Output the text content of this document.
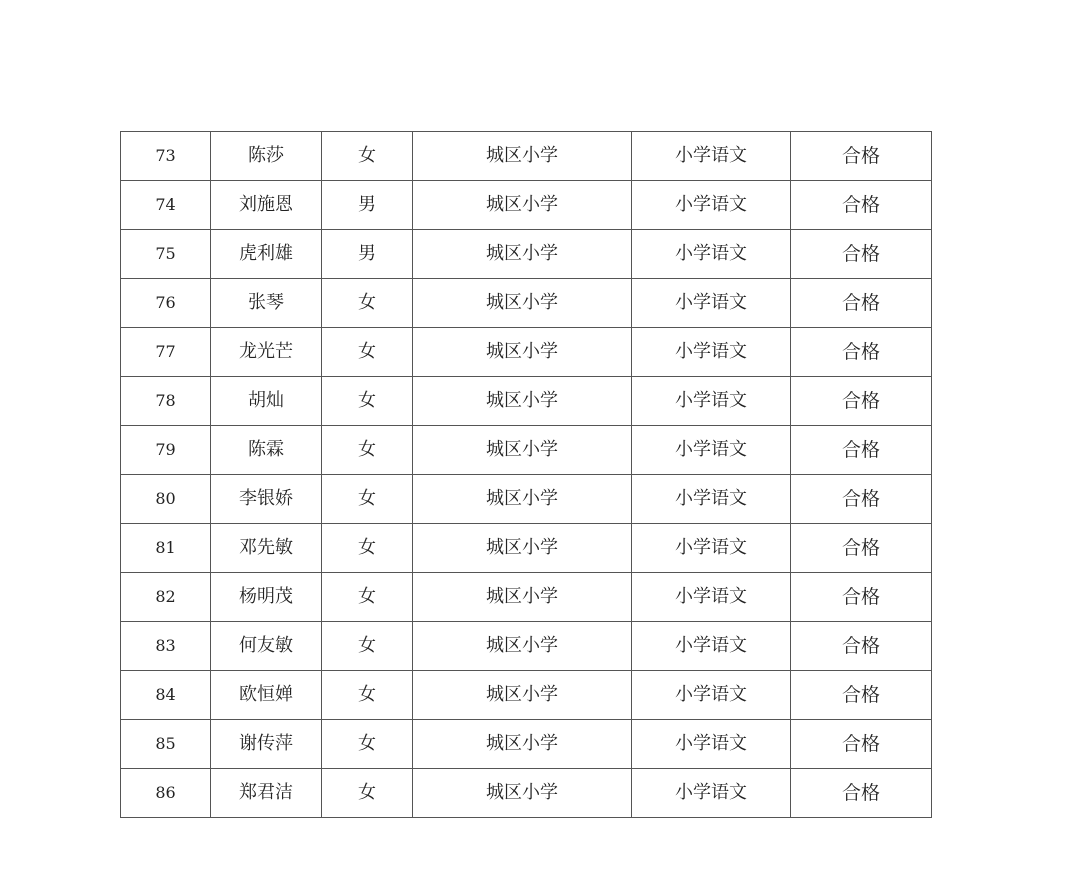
73	陈莎	女	城区小学	小学语文	合格
74	刘施恩	男	城区小学	小学语文	合格
75	虎利雄	男	城区小学	小学语文	合格
76	张琴	女	城区小学	小学语文	合格
77	龙光芒	女	城区小学	小学语文	合格
78	胡灿	女	城区小学	小学语文	合格
79	陈霖	女	城区小学	小学语文	合格
80	李银娇	女	城区小学	小学语文	合格
81	邓先敏	女	城区小学	小学语文	合格
82	杨明茂	女	城区小学	小学语文	合格
83	何友敏	女	城区小学	小学语文	合格
84	欧恒婵	女	城区小学	小学语文	合格
85	谢传萍	女	城区小学	小学语文	合格
86	郑君洁	女	城区小学	小学语文	合格
